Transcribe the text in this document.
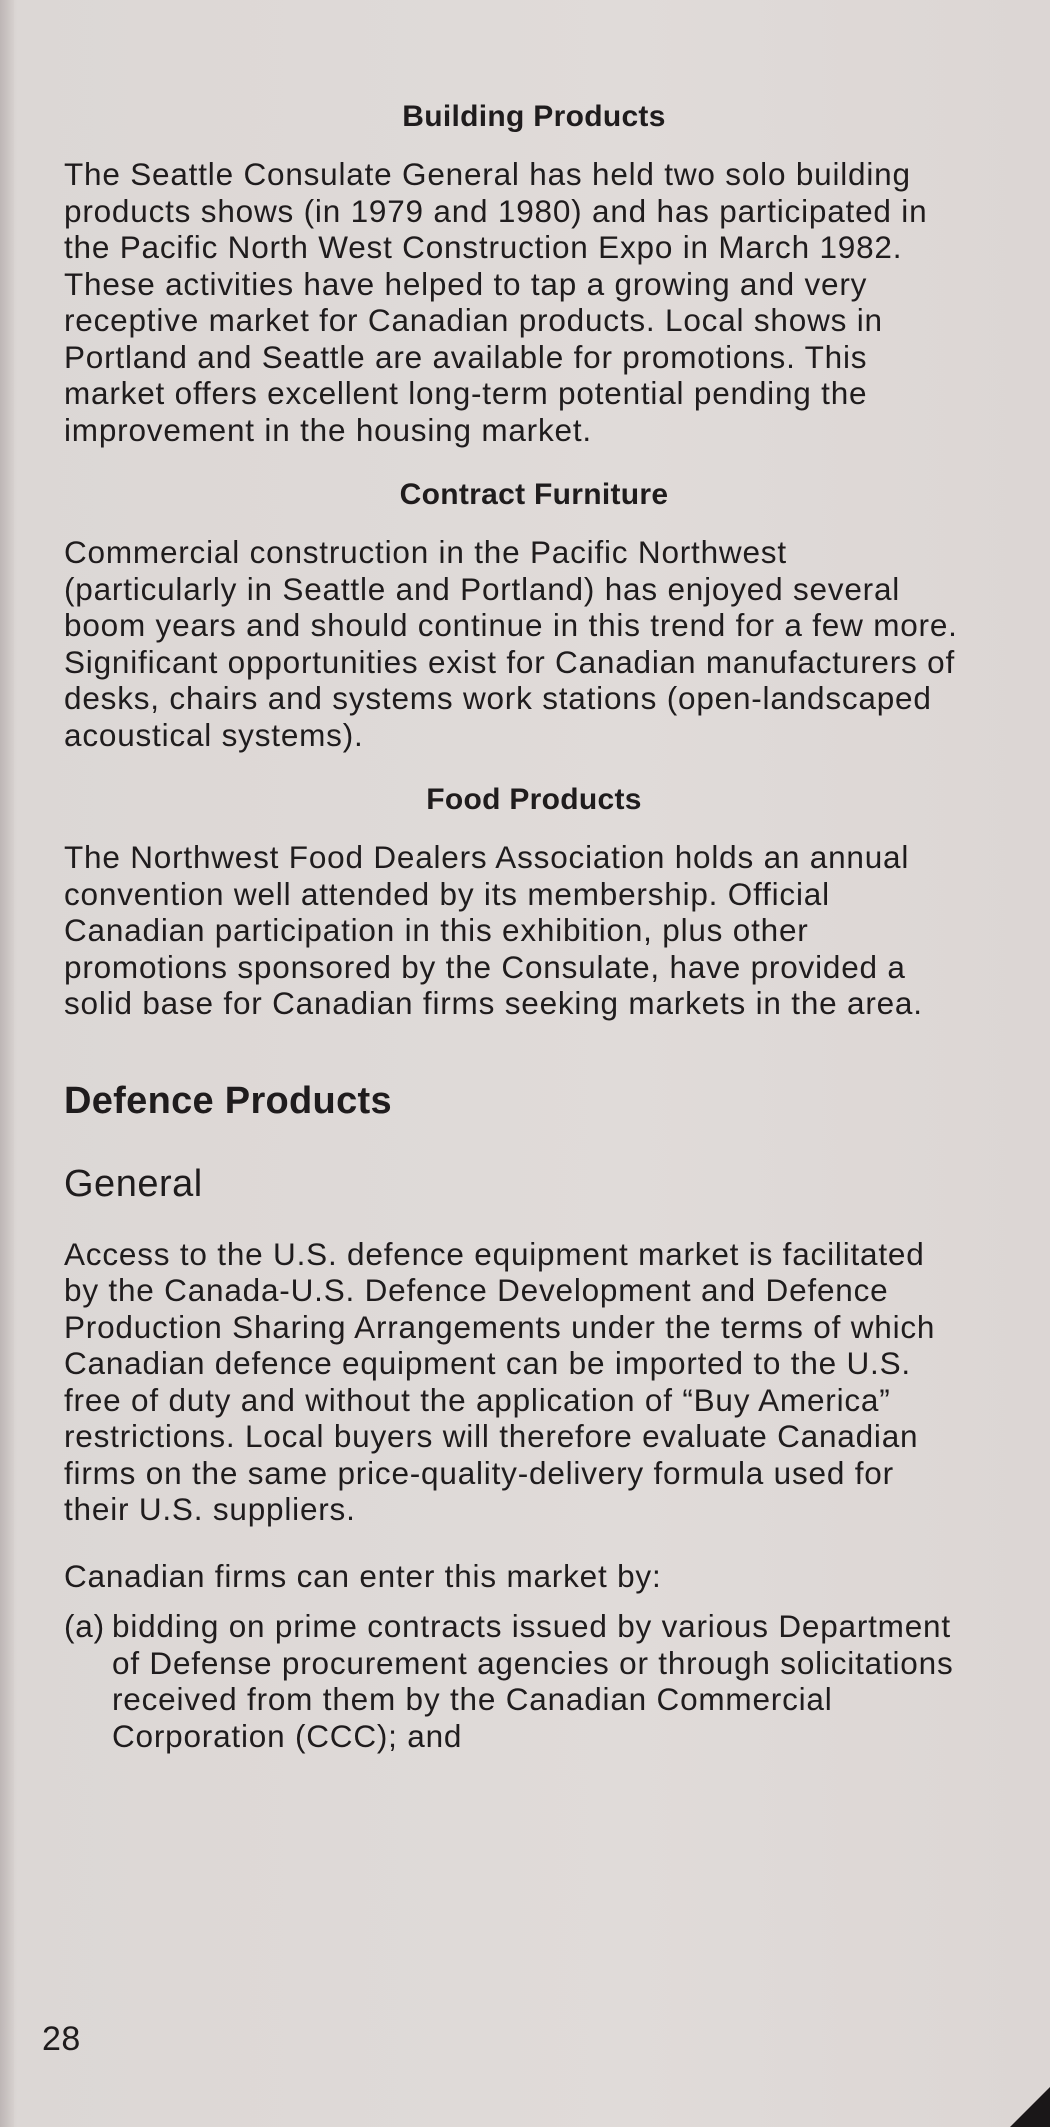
Building Products

The Seattle Consulate General has held two solo building products shows (in 1979 and 1980) and has participated in the Pacific North West Construction Expo in March 1982. These activities have helped to tap a growing and very receptive market for Canadian products. Local shows in Portland and Seattle are available for promotions. This market offers excellent long-term potential pending the improvement in the housing market.

Contract Furniture

Commercial construction in the Pacific Northwest (particularly in Seattle and Portland) has enjoyed several boom years and should continue in this trend for a few more. Significant opportunities exist for Canadian manufacturers of desks, chairs and systems work stations (open-landscaped acoustical systems).

Food Products

The Northwest Food Dealers Association holds an annual convention well attended by its membership. Official Canadian participation in this exhibition, plus other promotions sponsored by the Consulate, have provided a solid base for Canadian firms seeking markets in the area.

Defence Products
General

Access to the U.S. defence equipment market is facilitated by the Canada-U.S. Defence Development and Defence Production Sharing Arrangements under the terms of which Canadian defence equipment can be imported to the U.S. free of duty and without the application of “Buy America” restrictions. Local buyers will therefore evaluate Canadian firms on the same price-quality-delivery formula used for their U.S. suppliers.

Canadian firms can enter this market by:

(a) bidding on prime contracts issued by various Department of Defense procurement agencies or through solicitations received from them by the Canadian Commercial Corporation (CCC); and
28
